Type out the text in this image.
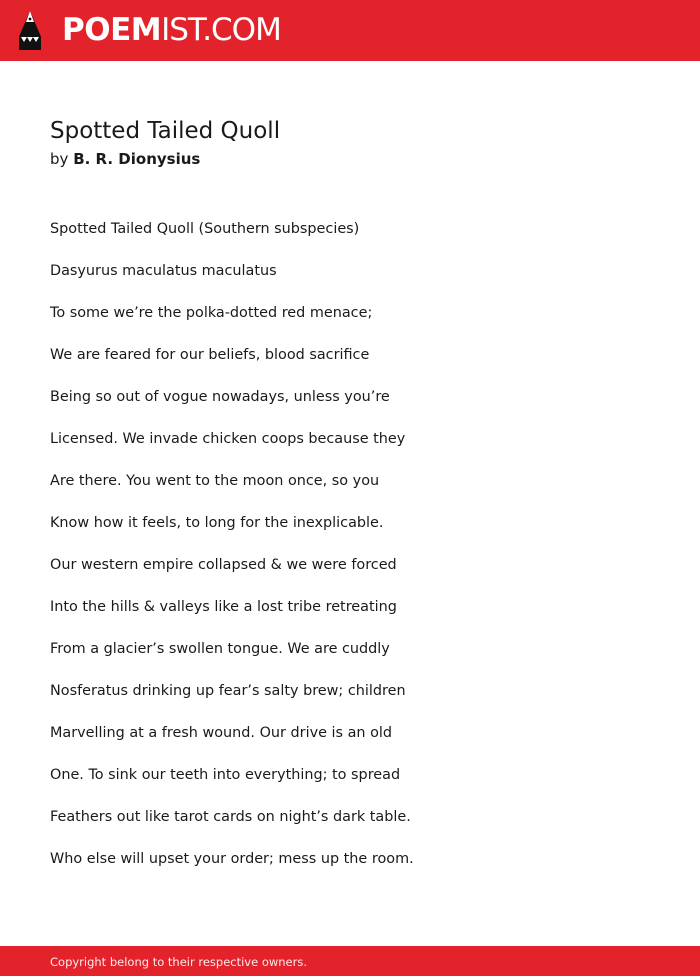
POEMIST.COM
Spotted Tailed Quoll
by B. R. Dionysius
Spotted Tailed Quoll (Southern subspecies)
Dasyurus maculatus maculatus
To some we’re the polka-dotted red menace;
We are feared for our beliefs, blood sacrifice
Being so out of vogue nowadays, unless you’re
Licensed. We invade chicken coops because they
Are there. You went to the moon once, so you
Know how it feels, to long for the inexplicable.
Our western empire collapsed & we were forced
Into the hills & valleys like a lost tribe retreating
From a glacier’s swollen tongue. We are cuddly
Nosferatus drinking up fear’s salty brew; children
Marvelling at a fresh wound. Our drive is an old
One. To sink our teeth into everything; to spread
Feathers out like tarot cards on night’s dark table.
Who else will upset your order; mess up the room.
Copyright belong to their respective owners.
